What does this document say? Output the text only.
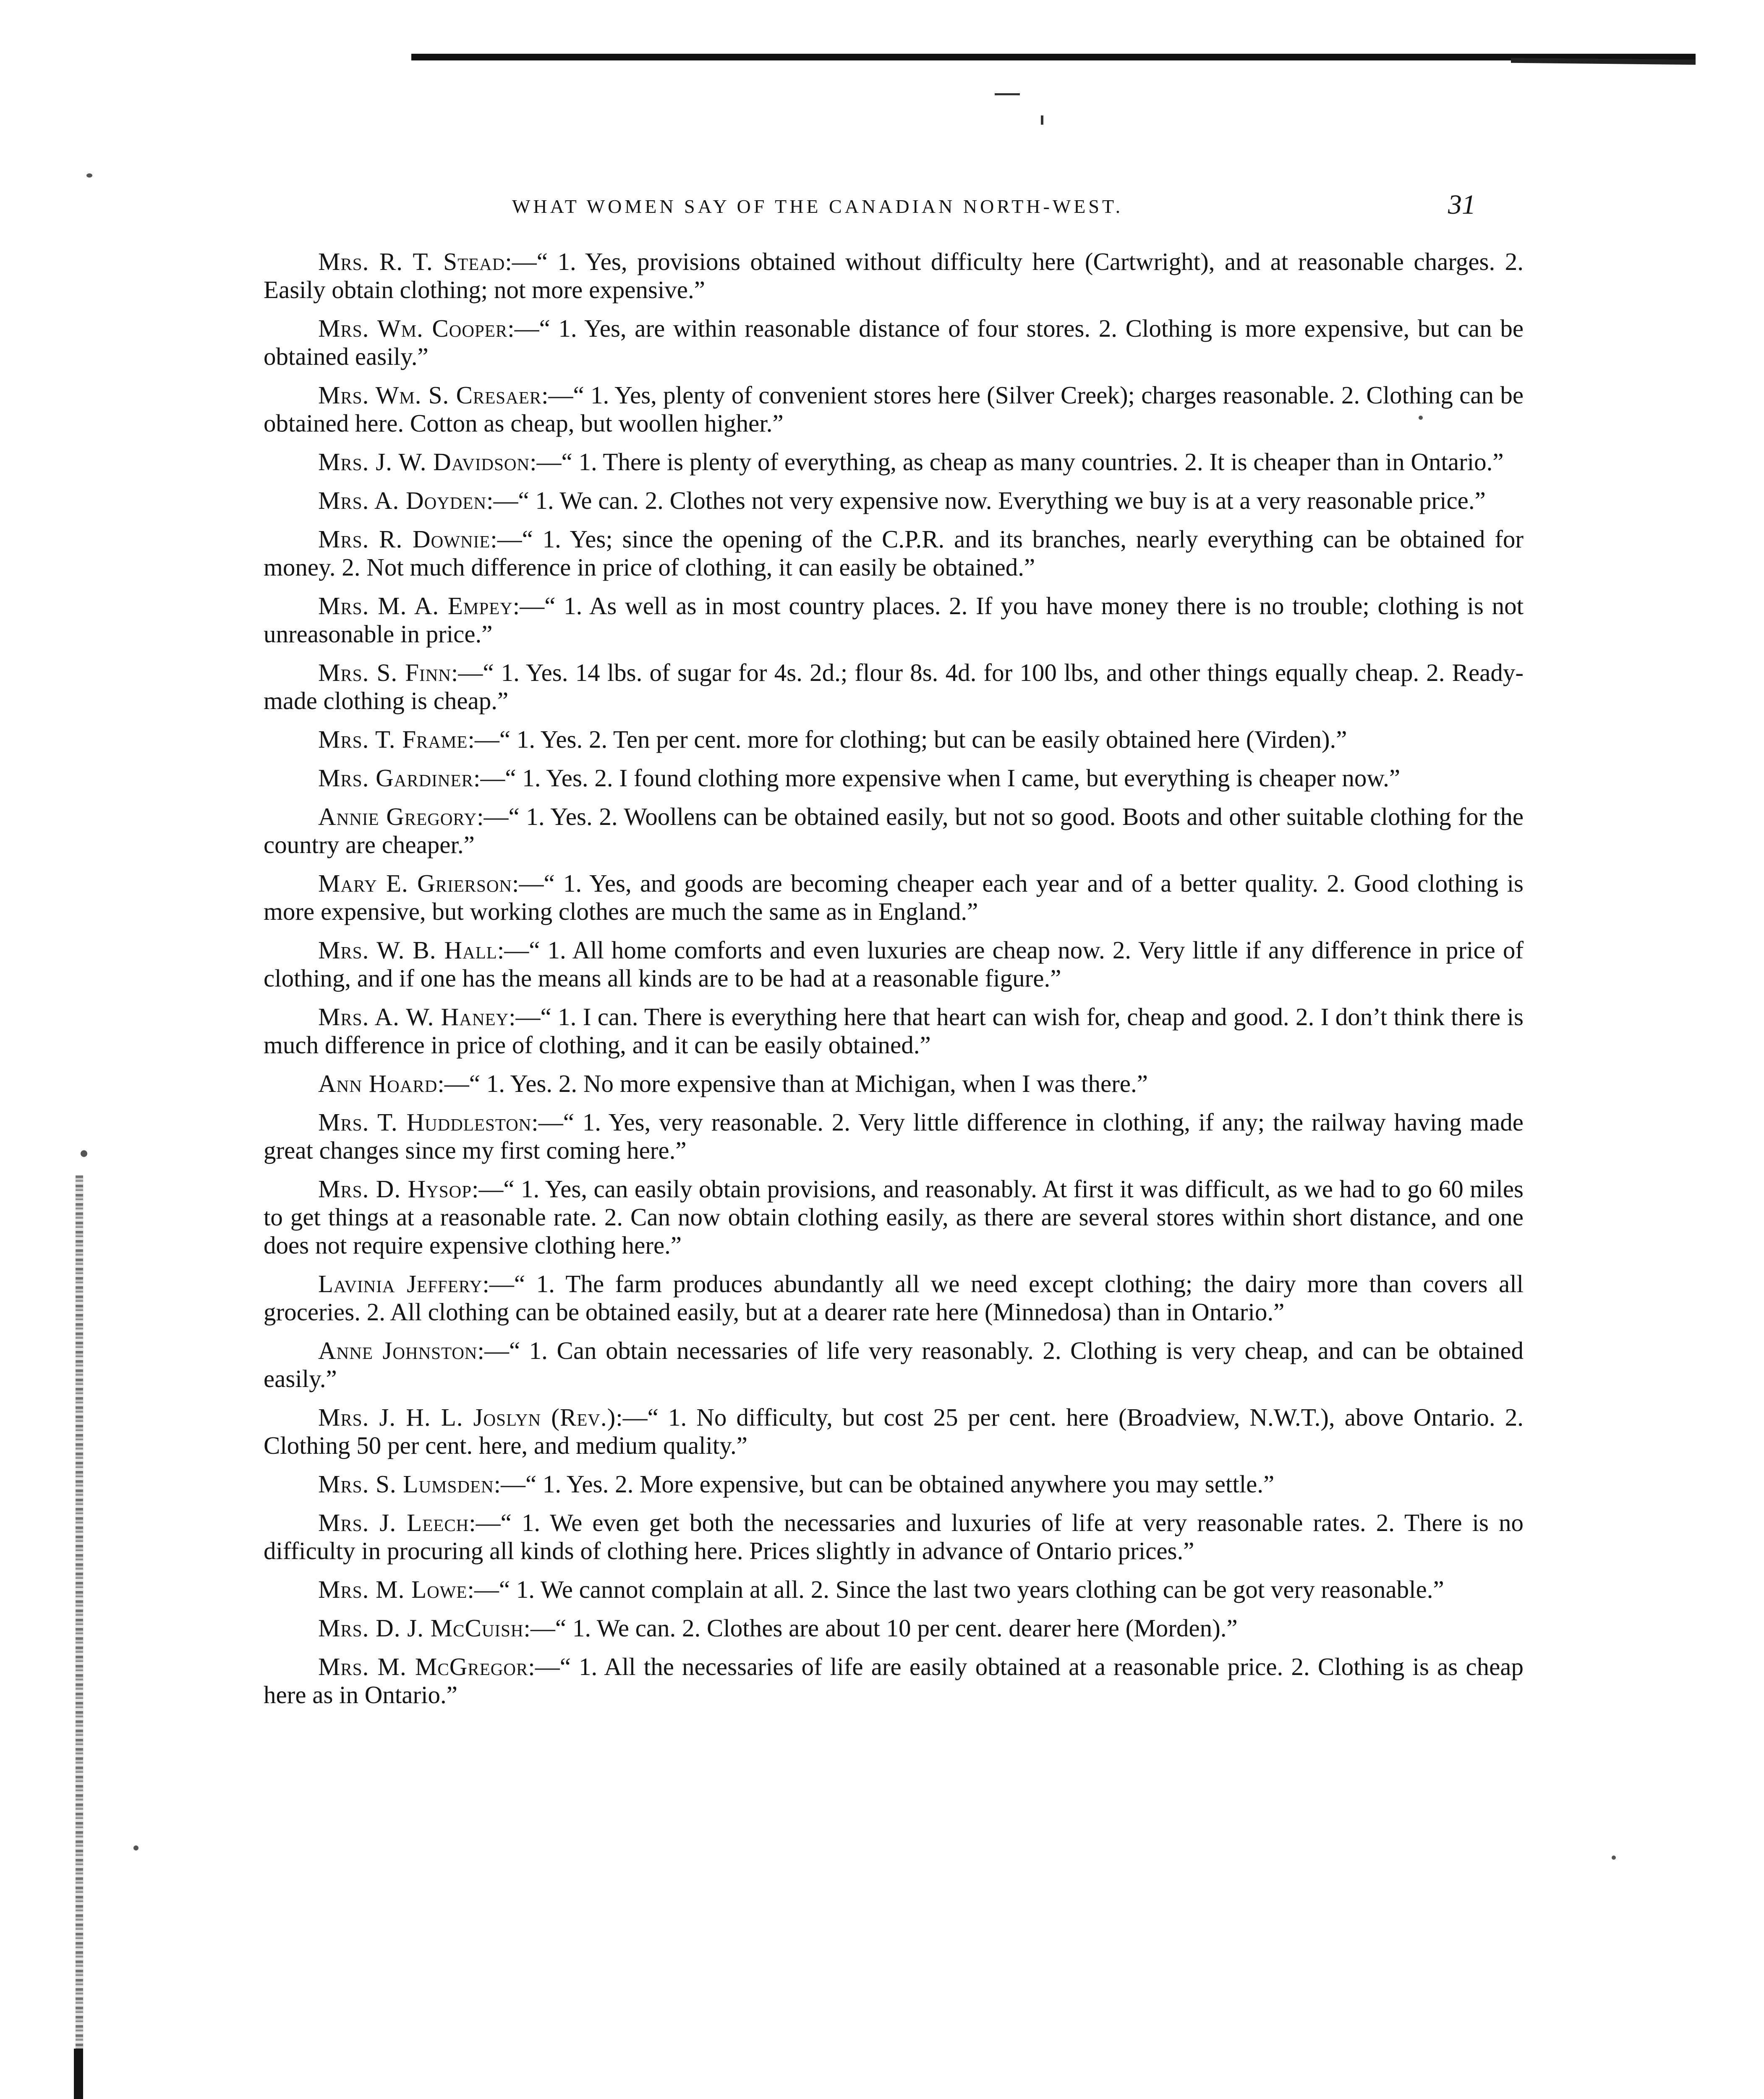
WHAT WOMEN SAY OF THE CANADIAN NORTH-WEST.	31

Mrs. R. T. Stead:—“ 1. Yes, provisions obtained without difficulty here (Cartwright), and at reasonable charges. 2. Easily obtain clothing; not more expensive.”

Mrs. Wm. Cooper:—“ 1. Yes, are within reasonable distance of four stores. 2. Clothing is more expensive, but can be obtained easily.”

Mrs. Wm. S. Cresaer:—“ 1. Yes, plenty of convenient stores here (Silver Creek); charges reasonable. 2. Clothing can be obtained here. Cotton as cheap, but woollen higher.”

Mrs. J. W. Davidson:—“ 1. There is plenty of everything, as cheap as many countries. 2. It is cheaper than in Ontario.”

Mrs. A. Doyden:—“ 1. We can. 2. Clothes not very expensive now. Everything we buy is at a very reasonable price.”

Mrs. R. Downie:—“ 1. Yes; since the opening of the C.P.R. and its branches, nearly everything can be obtained for money. 2. Not much difference in price of clothing, it can easily be obtained.”

Mrs. M. A. Empey:—“ 1. As well as in most country places. 2. If you have money there is no trouble; clothing is not unreasonable in price.”

Mrs. S. Finn:—“ 1. Yes. 14 lbs. of sugar for 4s. 2d.; flour 8s. 4d. for 100 lbs, and other things equally cheap. 2. Ready-made clothing is cheap.”

Mrs. T. Frame:—“ 1. Yes. 2. Ten per cent. more for clothing; but can be easily obtained here (Virden).”

Mrs. Gardiner:—“ 1. Yes. 2. I found clothing more expensive when I came, but everything is cheaper now.”

Annie Gregory:—“ 1. Yes. 2. Woollens can be obtained easily, but not so good. Boots and other suitable clothing for the country are cheaper.”

Mary E. Grierson:—“ 1. Yes, and goods are becoming cheaper each year and of a better quality. 2. Good clothing is more expensive, but working clothes are much the same as in England.”

Mrs. W. B. Hall:—“ 1. All home comforts and even luxuries are cheap now. 2. Very little if any difference in price of clothing, and if one has the means all kinds are to be had at a reasonable figure.”

Mrs. A. W. Haney:—“ 1. I can. There is everything here that heart can wish for, cheap and good. 2. I don’t think there is much difference in price of clothing, and it can be easily obtained.”

Ann Hoard:—“ 1. Yes. 2. No more expensive than at Michigan, when I was there.”

Mrs. T. Huddleston:—“ 1. Yes, very reasonable. 2. Very little difference in clothing, if any; the railway having made great changes since my first coming here.”

Mrs. D. Hysop:—“ 1. Yes, can easily obtain provisions, and reasonably. At first it was difficult, as we had to go 60 miles to get things at a reasonable rate. 2. Can now obtain clothing easily, as there are several stores within short distance, and one does not require expensive clothing here.”

Lavinia Jeffery:—“ 1. The farm produces abundantly all we need except clothing; the dairy more than covers all groceries. 2. All clothing can be obtained easily, but at a dearer rate here (Minnedosa) than in Ontario.”

Anne Johnston:—“ 1. Can obtain necessaries of life very reasonably. 2. Clothing is very cheap, and can be obtained easily.”

Mrs. J. H. L. Joslyn (Rev.):—“ 1. No difficulty, but cost 25 per cent. here (Broadview, N.W.T.), above Ontario. 2. Clothing 50 per cent. here, and medium quality.”

Mrs. S. Lumsden:—“ 1. Yes. 2. More expensive, but can be obtained anywhere you may settle.”

Mrs. J. Leech:—“ 1. We even get both the necessaries and luxuries of life at very reasonable rates. 2. There is no difficulty in procuring all kinds of clothing here. Prices slightly in advance of Ontario prices.”

Mrs. M. Lowe:—“ 1. We cannot complain at all. 2. Since the last two years clothing can be got very reasonable.”

Mrs. D. J. McCuish:—“ 1. We can. 2. Clothes are about 10 per cent. dearer here (Morden).”

Mrs. M. McGregor:—“ 1. All the necessaries of life are easily obtained at a reasonable price. 2. Clothing is as cheap here as in Ontario.”
